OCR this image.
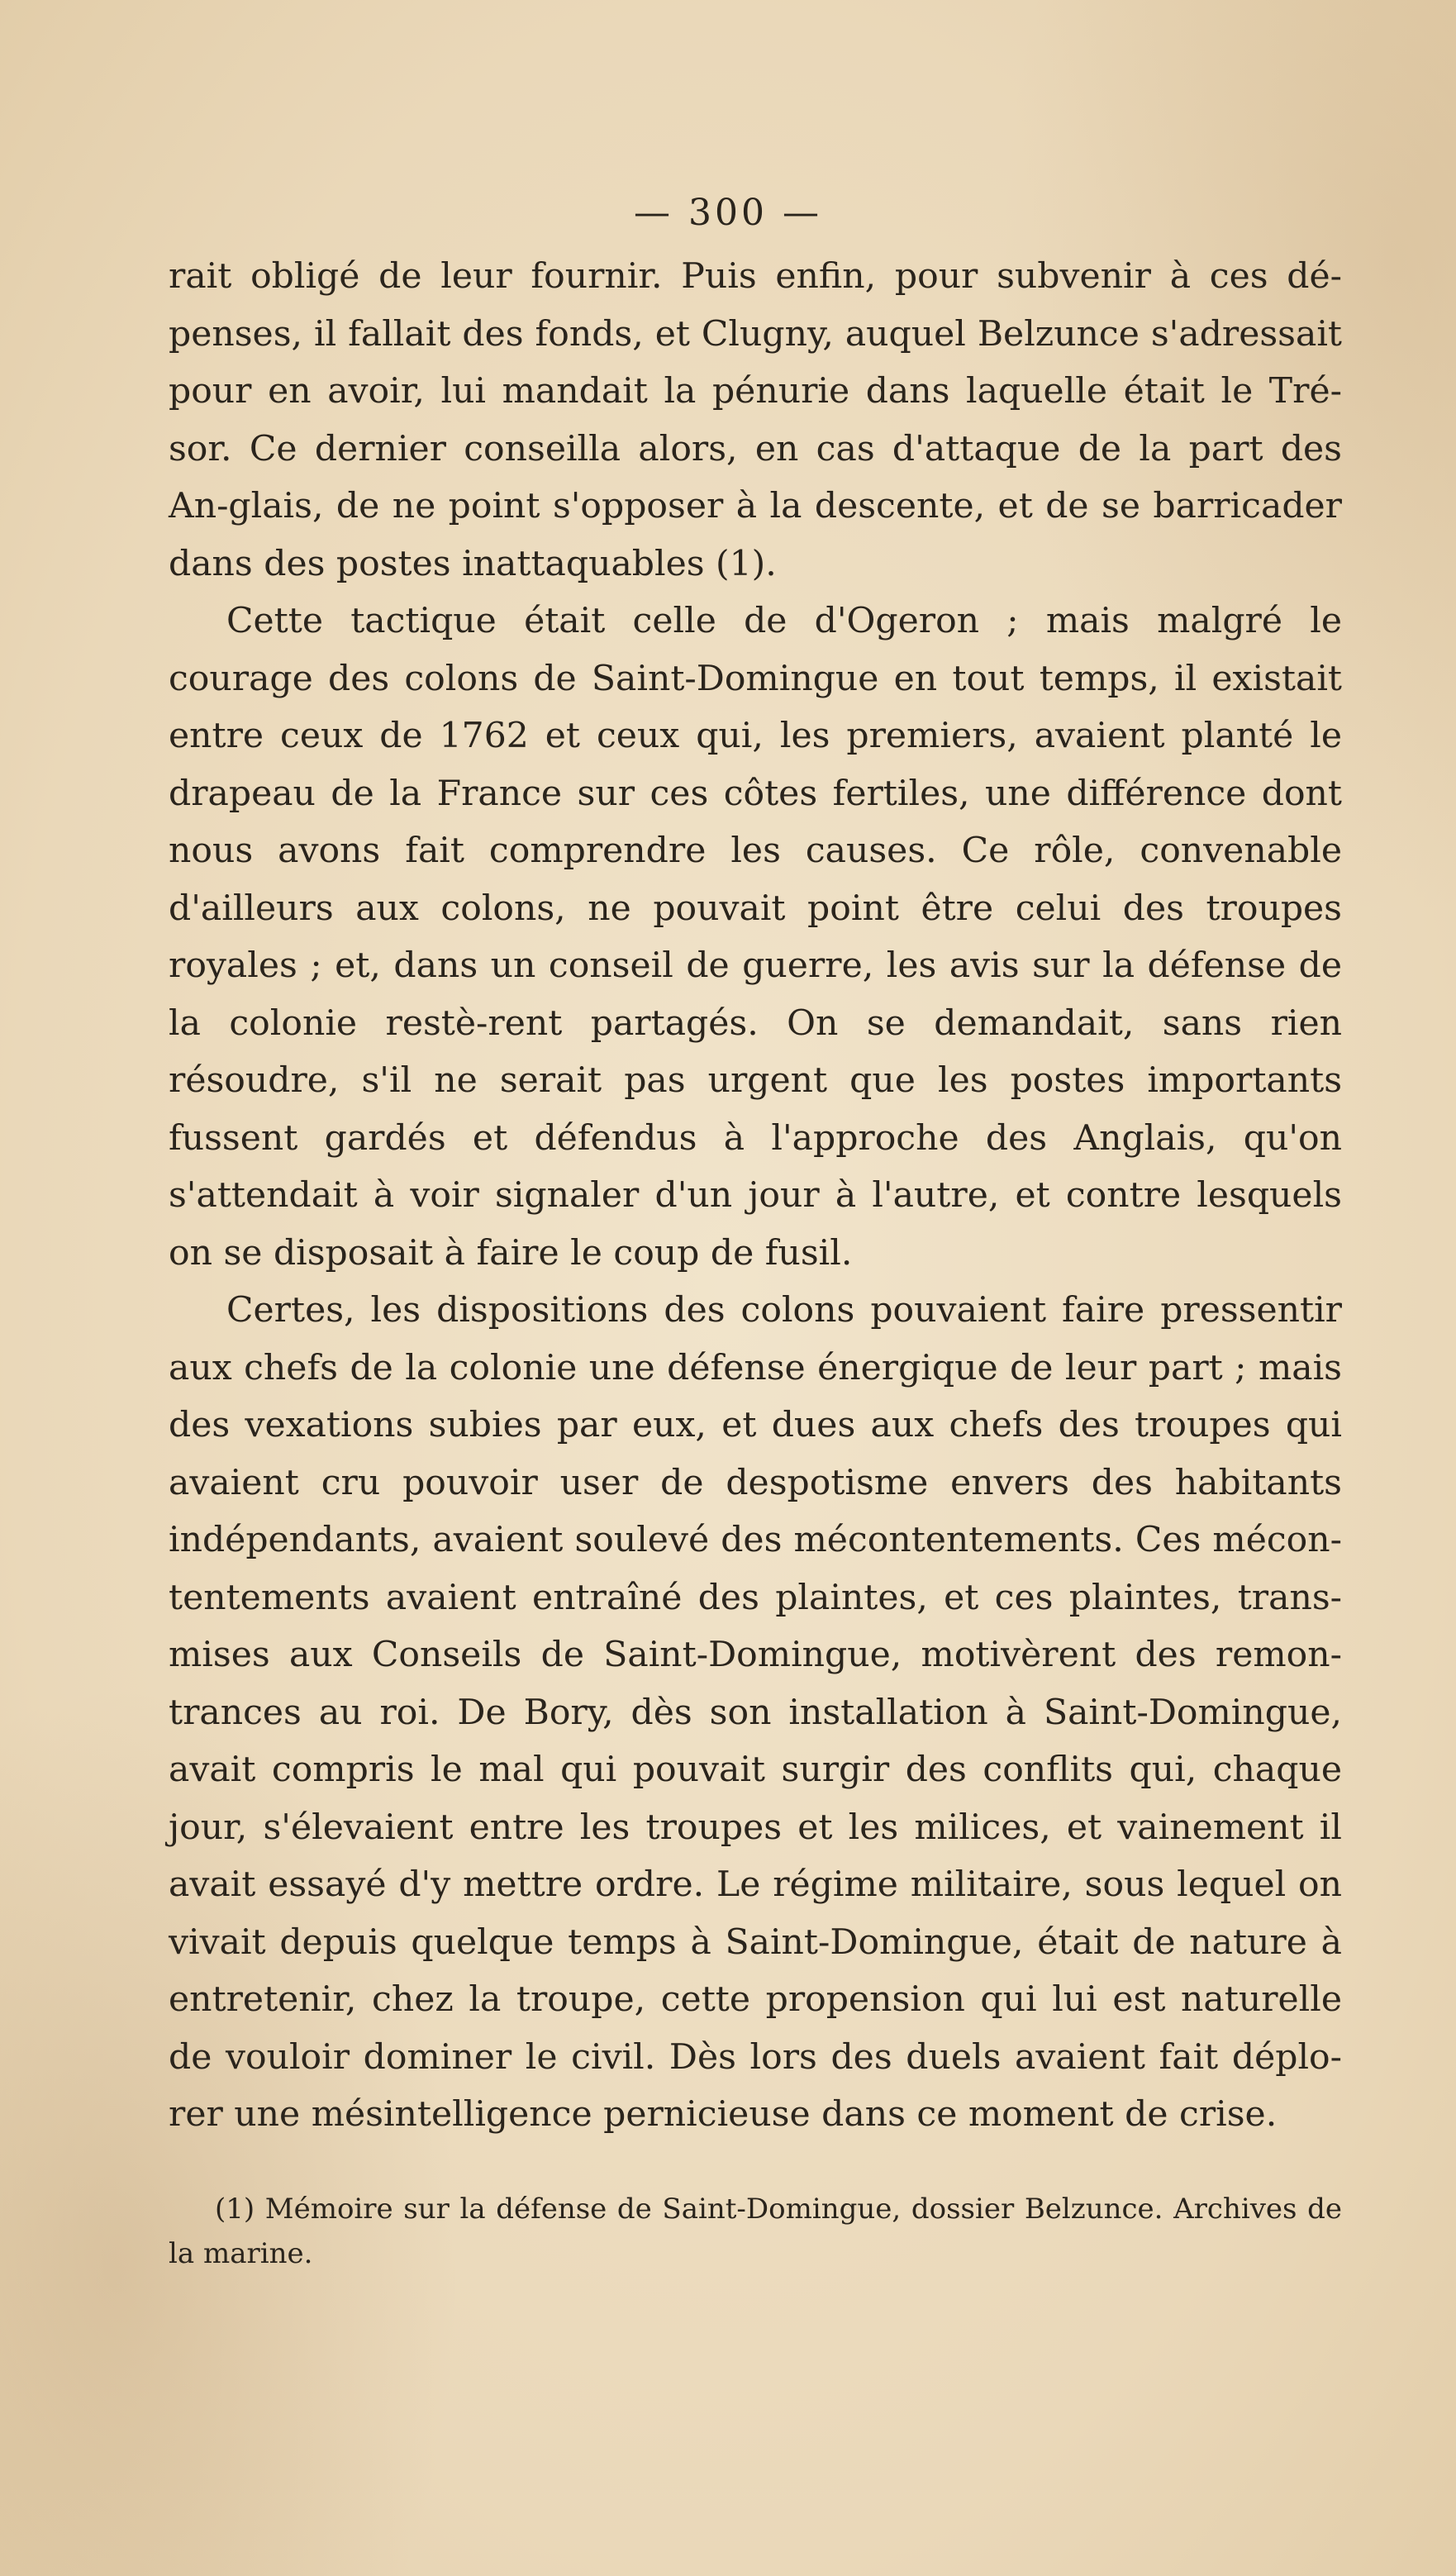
— 300 —

rait obligé de leur fournir. Puis enfin, pour subvenir à ces dé-penses, il fallait des fonds, et Clugny, auquel Belzunce s'adressait pour en avoir, lui mandait la pénurie dans laquelle était le Tré-sor. Ce dernier conseilla alors, en cas d'attaque de la part des An-glais, de ne point s'opposer à la descente, et de se barricader dans des postes inattaquables (1).

Cette tactique était celle de d'Ogeron ; mais malgré le courage des colons de Saint-Domingue en tout temps, il existait entre ceux de 1762 et ceux qui, les premiers, avaient planté le drapeau de la France sur ces côtes fertiles, une différence dont nous avons fait comprendre les causes. Ce rôle, convenable d'ailleurs aux colons, ne pouvait point être celui des troupes royales ; et, dans un conseil de guerre, les avis sur la défense de la colonie restè-rent partagés. On se demandait, sans rien résoudre, s'il ne serait pas urgent que les postes importants fussent gardés et défendus à l'approche des Anglais, qu'on s'attendait à voir signaler d'un jour à l'autre, et contre lesquels on se disposait à faire le coup de fusil.

Certes, les dispositions des colons pouvaient faire pressentir aux chefs de la colonie une défense énergique de leur part ; mais des vexations subies par eux, et dues aux chefs des troupes qui avaient cru pouvoir user de despotisme envers des habitants indépendants, avaient soulevé des mécontentements. Ces mécon-tentements avaient entraîné des plaintes, et ces plaintes, trans-mises aux Conseils de Saint-Domingue, motivèrent des remon-trances au roi. De Bory, dès son installation à Saint-Domingue, avait compris le mal qui pouvait surgir des conflits qui, chaque jour, s'élevaient entre les troupes et les milices, et vainement il avait essayé d'y mettre ordre. Le régime militaire, sous lequel on vivait depuis quelque temps à Saint-Domingue, était de nature à entretenir, chez la troupe, cette propension qui lui est naturelle de vouloir dominer le civil. Dès lors des duels avaient fait déplo-rer une mésintelligence pernicieuse dans ce moment de crise.

(1) Mémoire sur la défense de Saint-Domingue, dossier Belzunce. Archives de la marine.
